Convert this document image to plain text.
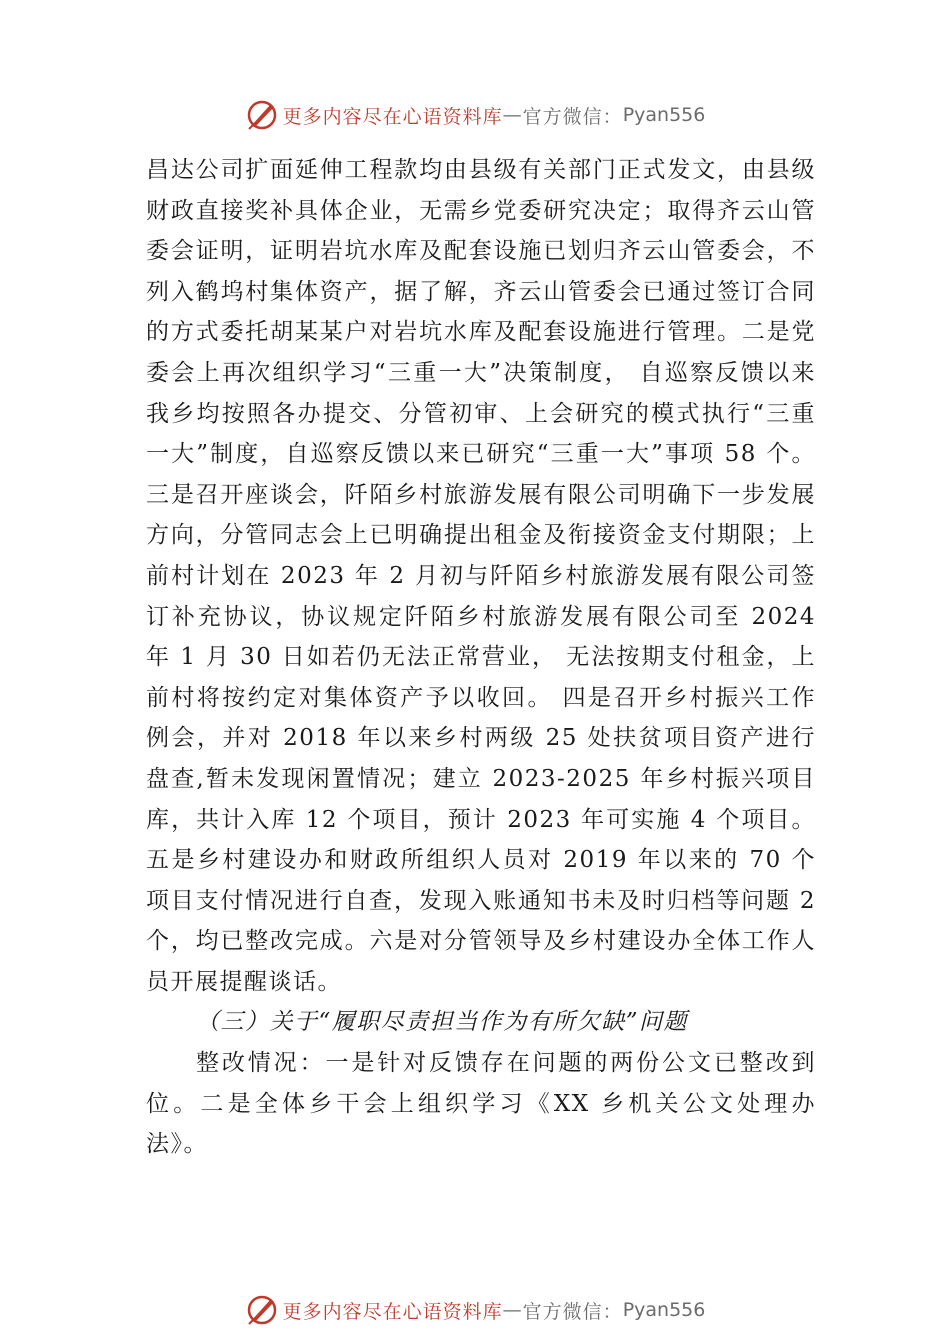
更多内容尽在心语资料库 — 官方微信： Pyan556

昌达公司扩面延伸工程款均由县级有关部门正式发文，由县级财政直接奖补具体企业，无需乡党委研究决定；取得齐云山管委会证明，证明岩坑水库及配套设施已划归齐云山管委会，不列入鹤坞村集体资产，据了解，齐云山管委会已通过签订合同的方式委托胡某某户对岩坑水库及配套设施进行管理。二是党委会上再次组织学习“三重一大”决策制度， 自巡察反馈以来我乡均按照各办提交、分管初审、上会研究的模式执行“三重一大”制度，自巡察反馈以来已研究“三重一大”事项 58 个。三是召开座谈会，阡陌乡村旅游发展有限公司明确下一步发展方向，分管同志会上已明确提出租金及衔接资金支付期限；上前村计划在 2023 年 2 月初与阡陌乡村旅游发展有限公司签订补充协议，协议规定阡陌乡村旅游发展有限公司至 2024 年 1 月 30 日如若仍无法正常营业， 无法按期支付租金，上前村将按约定对集体资产予以收回。 四是召开乡村振兴工作例会，并对 2018 年以来乡村两级 25 处扶贫项目资产进行盘查,暂未发现闲置情况；建立 2023-2025 年乡村振兴项目库，共计入库 12 个项目，预计 2023 年可实施 4 个项目。五是乡村建设办和财政所组织人员对 2019 年以来的 70 个项目支付情况进行自查，发现入账通知书未及时归档等问题 2 个，均已整改完成。六是对分管领导及乡村建设办全体工作人员开展提醒谈话。

（三）关于“履职尽责担当作为有所欠缺”问题

整改情况：一是针对反馈存在问题的两份公文已整改到位。二是全体乡干会上组织学习《XX 乡机关公文处理办法》。

更多内容尽在心语资料库 — 官方微信： Pyan556
